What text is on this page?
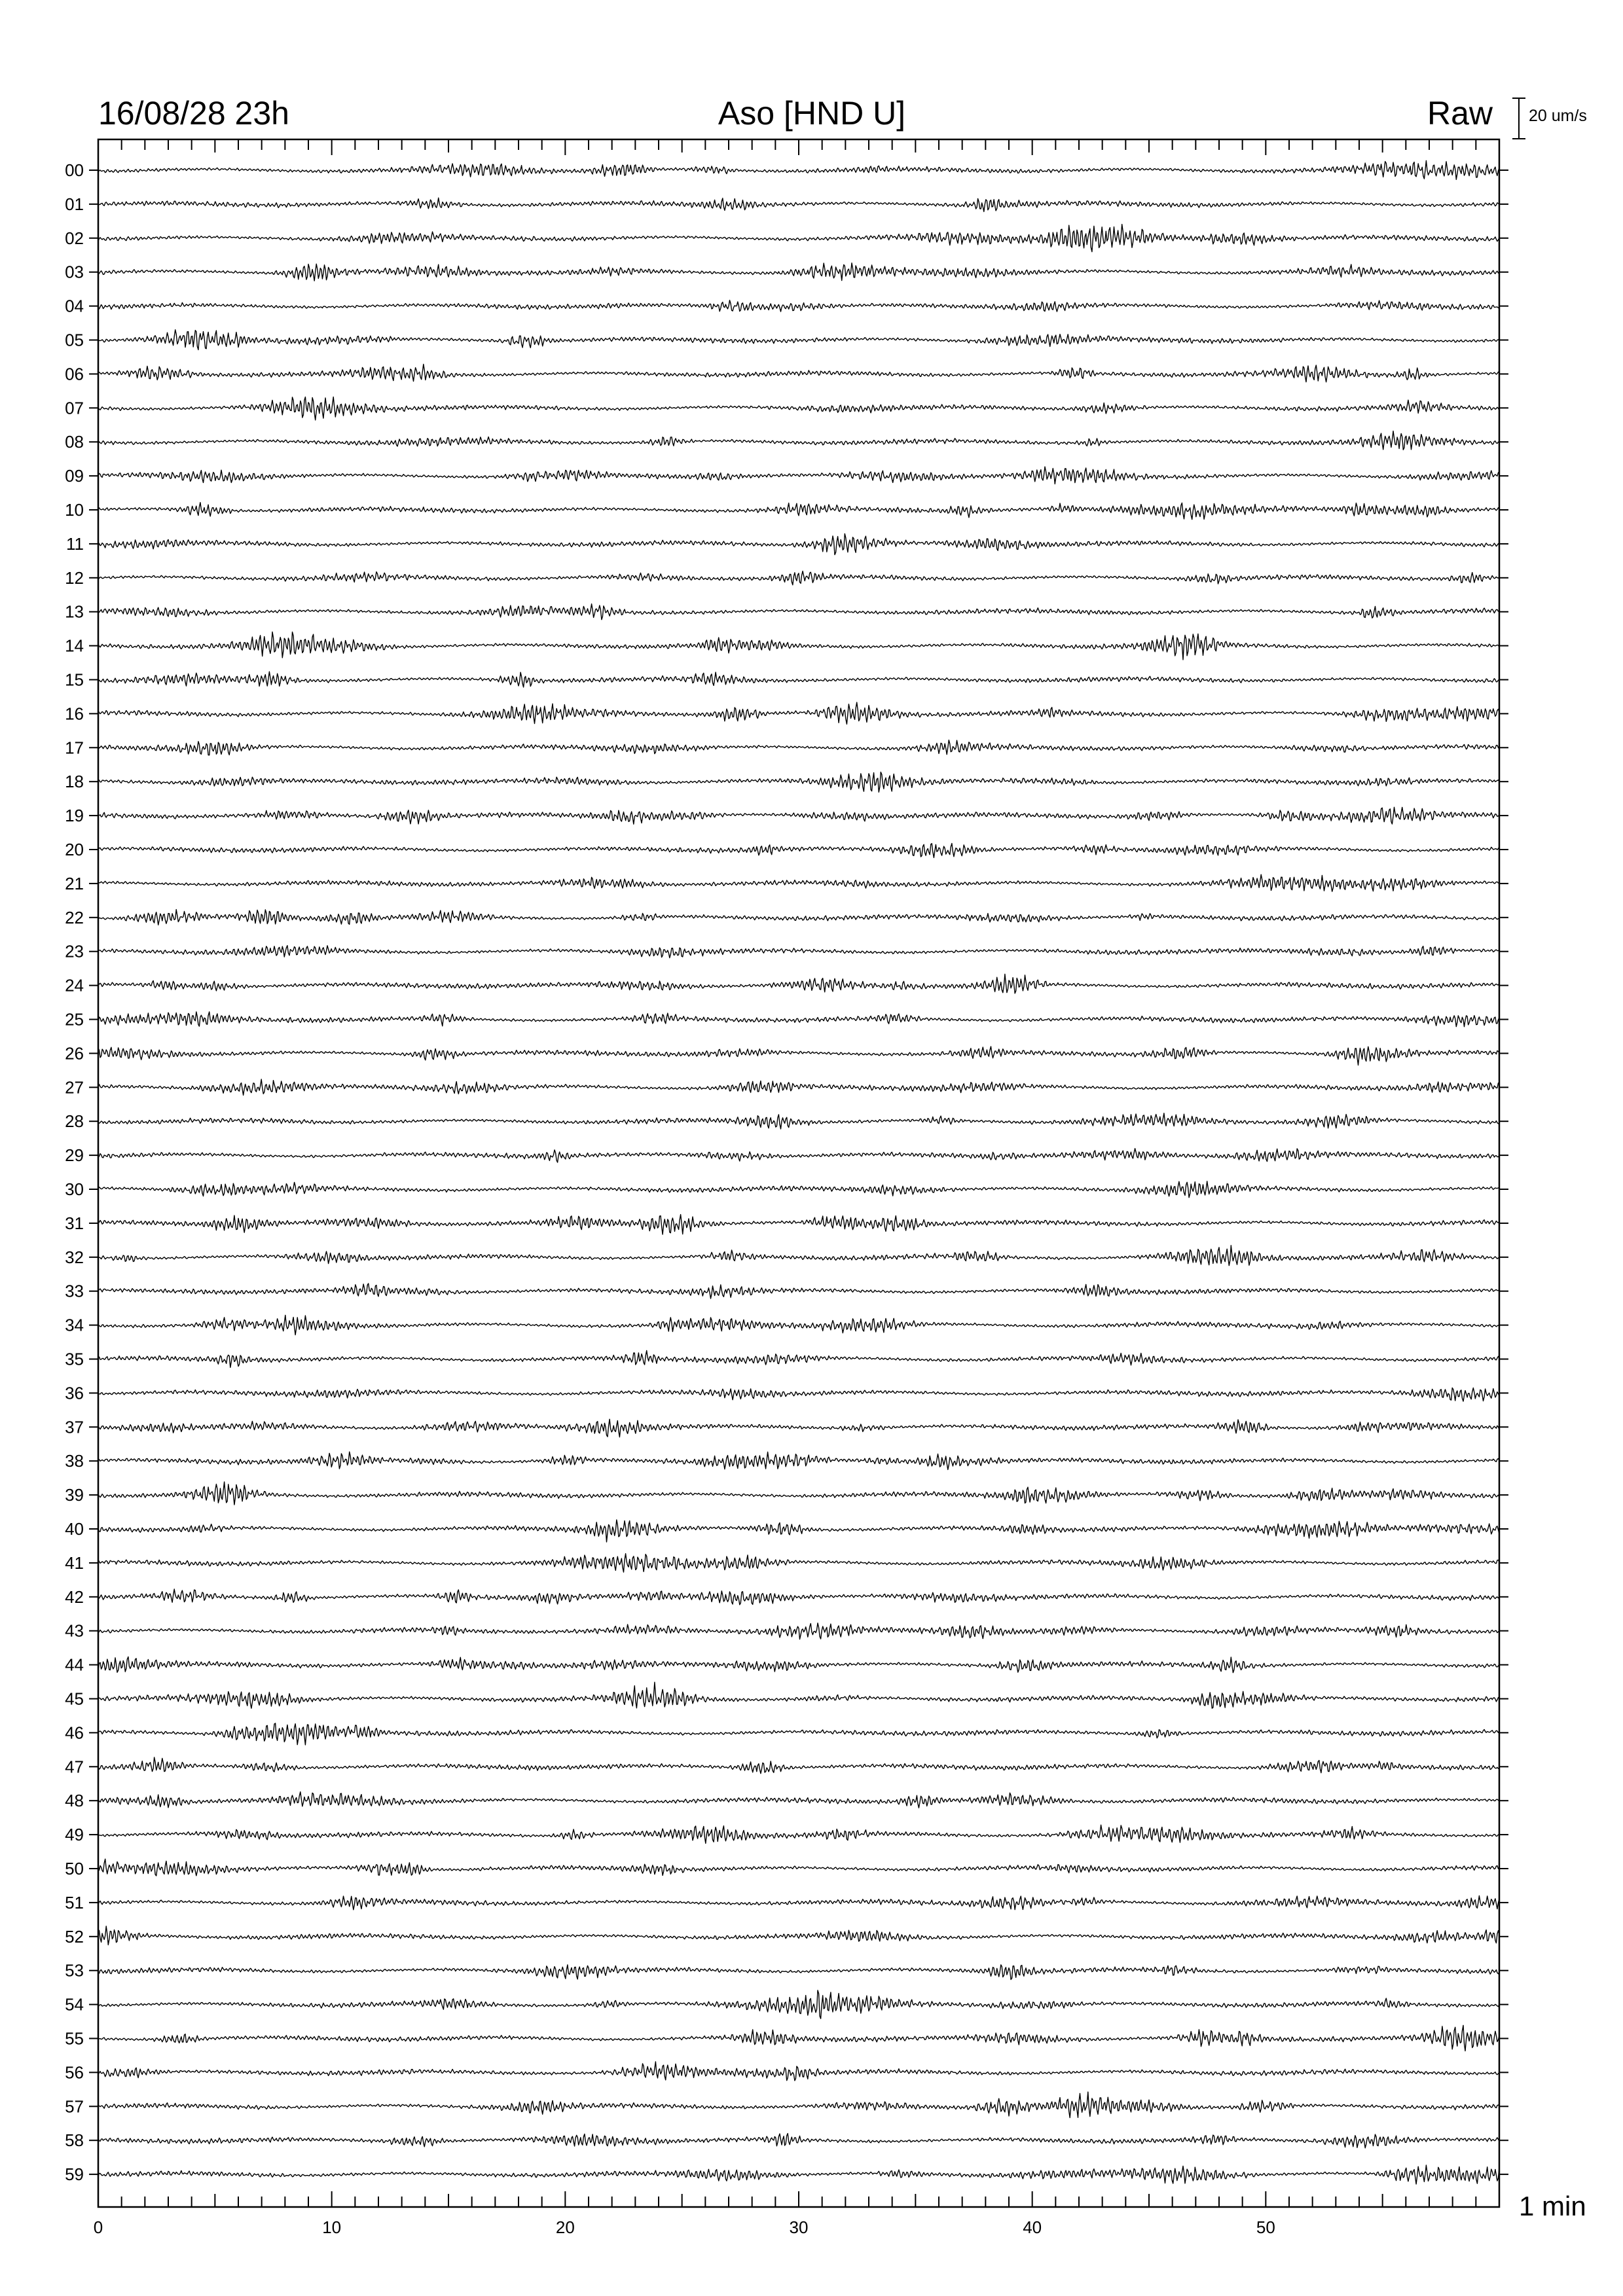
16/08/28 23h	Aso [HND U]	Raw 20 um/s
1 min
0	10	20	30	40	50
00
01
02
03
04
05
06
07
08
09
10
11
12
13
14
15
16
17
18
19
20
21
22
23
24
25
26
27
28
29
30
31
32
33
34
35
36
37
38
39
40
41
42
43
44
45
46
47
48
49
50
51
52
53
54
55
56
57
58
59
